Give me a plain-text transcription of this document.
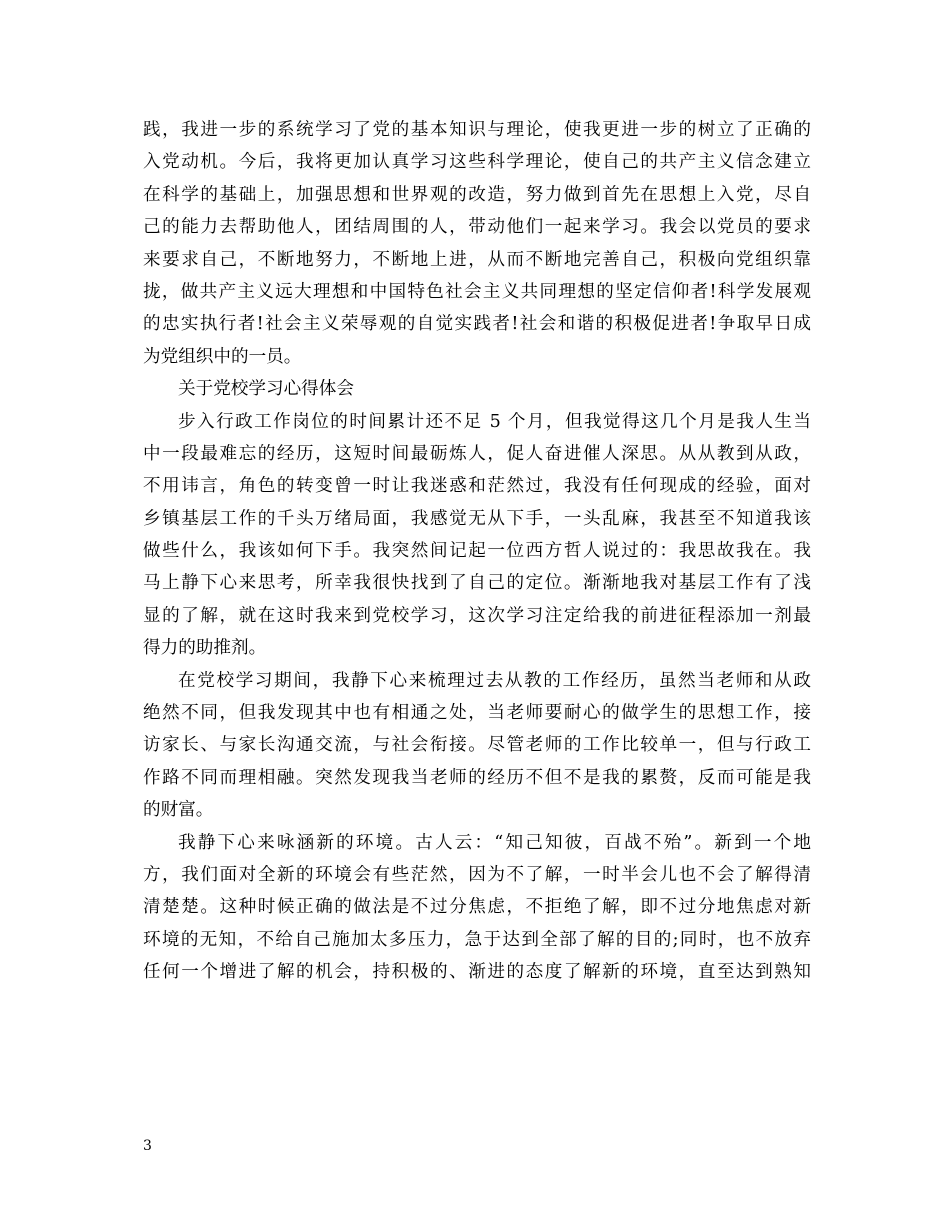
践，我进一步的系统学习了党的基本知识与理论，使我更进一步的树立了正确的
入党动机。今后，我将更加认真学习这些科学理论，使自己的共产主义信念建立
在科学的基础上，加强思想和世界观的改造，努力做到首先在思想上入党，尽自
己的能力去帮助他人，团结周围的人，带动他们一起来学习。我会以党员的要求
来要求自己，不断地努力，不断地上进，从而不断地完善自己，积极向党组织靠
拢，做共产主义远大理想和中国特色社会主义共同理想的坚定信仰者!科学发展观
的忠实执行者!社会主义荣辱观的自觉实践者!社会和谐的积极促进者!争取早日成
为党组织中的一员。
关于党校学习心得体会
步入行政工作岗位的时间累计还不足 5 个月，但我觉得这几个月是我人生当
中一段最难忘的经历，这短时间最砺炼人，促人奋进催人深思。从从教到从政，
不用讳言，角色的转变曾一时让我迷惑和茫然过，我没有任何现成的经验，面对
乡镇基层工作的千头万绪局面，我感觉无从下手，一头乱麻，我甚至不知道我该
做些什么，我该如何下手。我突然间记起一位西方哲人说过的：我思故我在。我
马上静下心来思考，所幸我很快找到了自己的定位。渐渐地我对基层工作有了浅
显的了解，就在这时我来到党校学习，这次学习注定给我的前进征程添加一剂最
得力的助推剂。
在党校学习期间，我静下心来梳理过去从教的工作经历，虽然当老师和从政
绝然不同，但我发现其中也有相通之处，当老师要耐心的做学生的思想工作，接
访家长、与家长沟通交流，与社会衔接。尽管老师的工作比较单一，但与行政工
作路不同而理相融。突然发现我当老师的经历不但不是我的累赘，反而可能是我
的财富。
我静下心来咏涵新的环境。古人云：“知己知彼，百战不殆”。新到一个地
方，我们面对全新的环境会有些茫然，因为不了解，一时半会儿也不会了解得清
清楚楚。这种时候正确的做法是不过分焦虑，不拒绝了解，即不过分地焦虑对新
环境的无知，不给自己施加太多压力，急于达到全部了解的目的;同时，也不放弃
任何一个增进了解的机会，持积极的、渐进的态度了解新的环境，直至达到熟知
3
